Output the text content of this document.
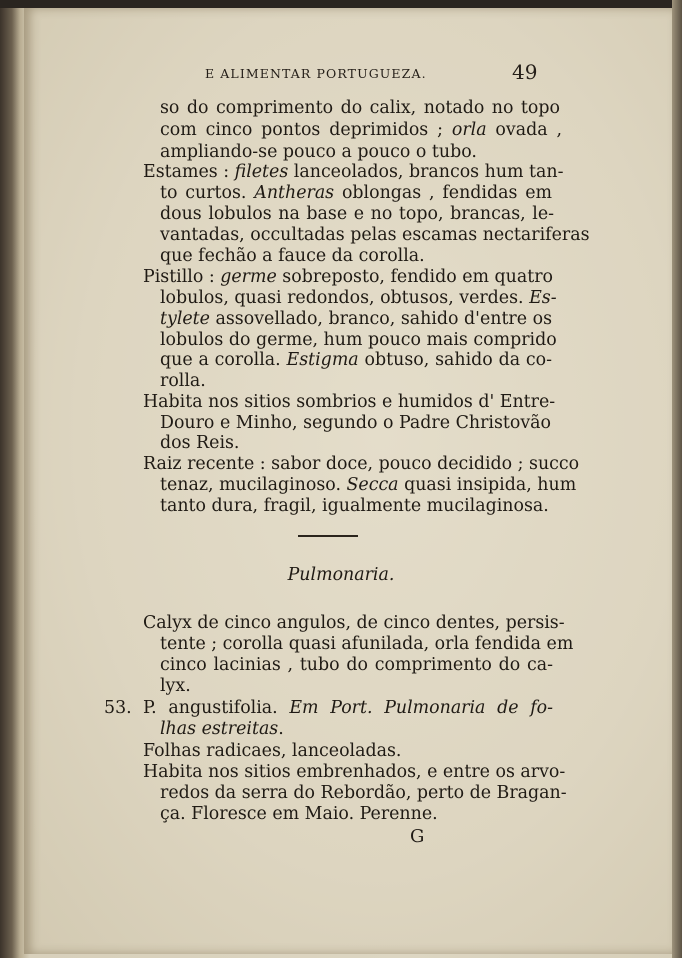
E ALIMENTAR PORTUGUEZA.	49
so do comprimento do calix, notado no topo
com cinco pontos deprimidos ; orla ovada ,
ampliando-se pouco a pouco o tubo.
Estames : filetes lanceolados, brancos hum tan-
to curtos. Antheras oblongas , fendidas em
dous lobulos na base e no topo, brancas, le-
vantadas, occultadas pelas escamas nectariferas
que fechão a fauce da corolla.
Pistillo : germe sobreposto, fendido em quatro
lobulos, quasi redondos, obtusos, verdes. Es-
tylete assovellado, branco, sahido d'entre os
lobulos do germe, hum pouco mais comprido
que a corolla. Estigma obtuso, sahido da co-
rolla.
Habita nos sitios sombrios e humidos d' Entre-
Douro e Minho, segundo o Padre Christovão
dos Reis.
Raiz recente : sabor doce, pouco decidido ; succo
tenaz, mucilaginoso. Secca quasi insipida, hum
tanto dura, fragil, igualmente mucilaginosa.
Calyx de cinco angulos, de cinco dentes, persis-
tente ; corolla quasi afunilada, orla fendida em
cinco lacinias , tubo do comprimento do ca-
lyx.
P. angustifolia. Em Port. Pulmonaria de fo-
lhas estreitas.
Folhas radicaes, lanceoladas.
Habita nos sitios embrenhados, e entre os arvo-
redos da serra do Rebordão, perto de Bragan-
ça. Floresce em Maio. Perenne.
Pulmonaria.
53.
G
